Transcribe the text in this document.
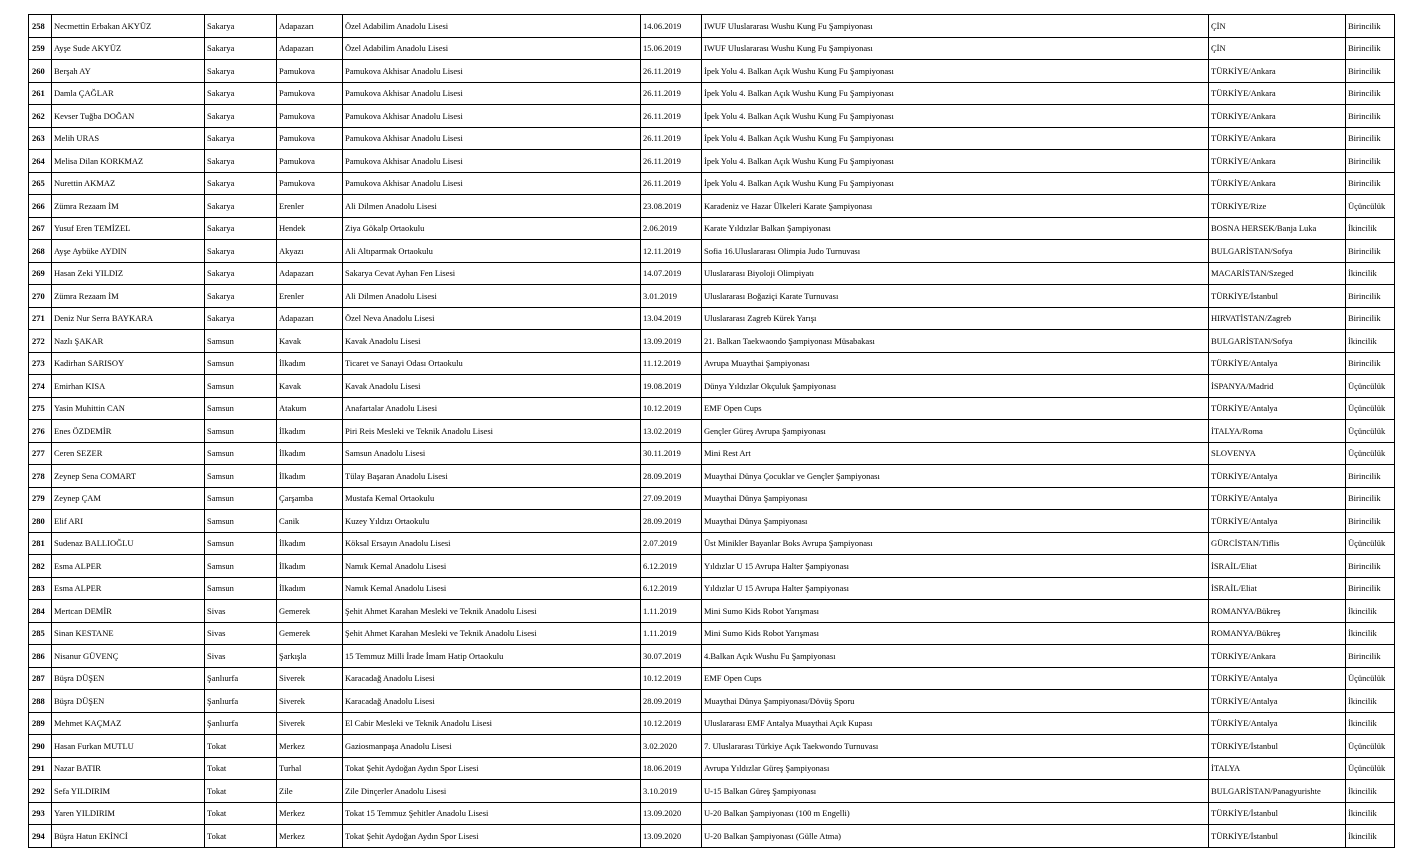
258	Necmettin Erbakan AKYÜZ	Sakarya	Adapazarı	Özel Adabilim Anadolu Lisesi	14.06.2019	IWUF Uluslararası Wushu Kung Fu Şampiyonası	ÇİN	Birincilik
259	Ayşe Sude AKYÜZ	Sakarya	Adapazarı	Özel Adabilim Anadolu Lisesi	15.06.2019	IWUF Uluslararası Wushu Kung Fu Şampiyonası	ÇİN	Birincilik
260	Berşah AY	Sakarya	Pamukova	Pamukova Akhisar Anadolu Lisesi	26.11.2019	İpek Yolu 4. Balkan Açık Wushu Kung Fu Şampiyonası	TÜRKİYE/Ankara	Birincilik
261	Damla ÇAĞLAR	Sakarya	Pamukova	Pamukova Akhisar Anadolu Lisesi	26.11.2019	İpek Yolu 4. Balkan Açık Wushu Kung Fu Şampiyonası	TÜRKİYE/Ankara	Birincilik
262	Kevser Tuğba DOĞAN	Sakarya	Pamukova	Pamukova Akhisar Anadolu Lisesi	26.11.2019	İpek Yolu 4. Balkan Açık Wushu Kung Fu Şampiyonası	TÜRKİYE/Ankara	Birincilik
263	Melih URAS	Sakarya	Pamukova	Pamukova Akhisar Anadolu Lisesi	26.11.2019	İpek Yolu 4. Balkan Açık Wushu Kung Fu Şampiyonası	TÜRKİYE/Ankara	Birincilik
264	Melisa Dilan KORKMAZ	Sakarya	Pamukova	Pamukova Akhisar Anadolu Lisesi	26.11.2019	İpek Yolu 4. Balkan Açık Wushu Kung Fu Şampiyonası	TÜRKİYE/Ankara	Birincilik
265	Nurettin AKMAZ	Sakarya	Pamukova	Pamukova Akhisar Anadolu Lisesi	26.11.2019	İpek Yolu 4. Balkan Açık Wushu Kung Fu Şampiyonası	TÜRKİYE/Ankara	Birincilik
266	Zümra Rezaam İM	Sakarya	Erenler	Ali Dilmen Anadolu Lisesi	23.08.2019	Karadeniz ve Hazar Ülkeleri Karate Şampiyonası	TÜRKİYE/Rize	Üçüncülük
267	Yusuf Eren TEMİZEL	Sakarya	Hendek	Ziya Gökalp Ortaokulu	2.06.2019	Karate Yıldızlar Balkan Şampiyonası	BOSNA HERSEK/Banja Luka	İkincilik
268	Ayşe Aybüke AYDIN	Sakarya	Akyazı	Ali Altıparmak Ortaokulu	12.11.2019	Sofia 16.Uluslararası Olimpia Judo Turnuvası	BULGARİSTAN/Sofya	Birincilik
269	Hasan Zeki YILDIZ	Sakarya	Adapazarı	Sakarya Cevat Ayhan Fen Lisesi	14.07.2019	Uluslararası Biyoloji Olimpiyatı	MACARİSTAN/Szeged	İkincilik
270	Zümra Rezaam İM	Sakarya	Erenler	Ali Dilmen Anadolu Lisesi	3.01.2019	Uluslararası Boğaziçi Karate Turnuvası	TÜRKİYE/İstanbul	Birincilik
271	Deniz Nur Serra BAYKARA	Sakarya	Adapazarı	Özel Neva Anadolu Lisesi	13.04.2019	Uluslararası Zagreb Kürek Yarışı	HIRVATİSTAN/Zagreb	Birincilik
272	Nazlı ŞAKAR	Samsun	Kavak	Kavak Anadolu Lisesi	13.09.2019	21. Balkan Taekwaondo Şampiyonası Müsabakası	BULGARİSTAN/Sofya	İkincilik
273	Kadirhan SARISOY	Samsun	İlkadım	Ticaret ve Sanayi Odası Ortaokulu	11.12.2019	Avrupa Muaythai Şampiyonası	TÜRKİYE/Antalya	Birincilik
274	Emirhan KISA	Samsun	Kavak	Kavak Anadolu Lisesi	19.08.2019	Dünya Yıldızlar Okçuluk Şampiyonası	İSPANYA/Madrid	Üçüncülük
275	Yasin Muhittin CAN	Samsun	Atakum	Anafartalar Anadolu Lisesi	10.12.2019	EMF Open Cups	TÜRKİYE/Antalya	Üçüncülük
276	Enes ÖZDEMİR	Samsun	İlkadım	Piri Reis Mesleki ve Teknik Anadolu Lisesi	13.02.2019	Gençler Güreş Avrupa Şampiyonası	İTALYA/Roma	Üçüncülük
277	Ceren SEZER	Samsun	İlkadım	Samsun Anadolu Lisesi	30.11.2019	Mini Rest Art	SLOVENYA	Üçüncülük
278	Zeynep Sena COMART	Samsun	İlkadım	Tülay Başaran Anadolu Lisesi	28.09.2019	Muaythai Dünya Çocuklar ve Gençler Şampiyonası	TÜRKİYE/Antalya	Birincilik
279	Zeynep ÇAM	Samsun	Çarşamba	Mustafa Kemal Ortaokulu	27.09.2019	Muaythai Dünya Şampiyonası	TÜRKİYE/Antalya	Birincilik
280	Elif ARI	Samsun	Canik	Kuzey Yıldızı Ortaokulu	28.09.2019	Muaythai Dünya Şampiyonası	TÜRKİYE/Antalya	Birincilik
281	Sudenaz BALLIOĞLU	Samsun	İlkadım	Köksal Ersayın Anadolu Lisesi	2.07.2019	Üst Minikler Bayanlar Boks Avrupa Şampiyonası	GÜRCİSTAN/Tiflis	Üçüncülük
282	Esma ALPER	Samsun	İlkadım	Namık Kemal Anadolu Lisesi	6.12.2019	Yıldızlar U 15 Avrupa Halter Şampiyonası	İSRAİL/Eliat	Birincilik
283	Esma ALPER	Samsun	İlkadım	Namık Kemal Anadolu Lisesi	6.12.2019	Yıldızlar U 15 Avrupa Halter Şampiyonası	İSRAİL/Eliat	Birincilik
284	Mertcan DEMİR	Sivas	Gemerek	Şehit Ahmet Karahan Mesleki ve Teknik Anadolu Lisesi	1.11.2019	Mini Sumo Kids Robot Yarışması	ROMANYA/Bükreş	İkincilik
285	Sinan KESTANE	Sivas	Gemerek	Şehit Ahmet Karahan Mesleki ve Teknik Anadolu Lisesi	1.11.2019	Mini Sumo Kids Robot Yarışması	ROMANYA/Bükreş	İkincilik
286	Nisanur GÜVENÇ	Sivas	Şarkışla	15 Temmuz Milli İrade İmam Hatip Ortaokulu	30.07.2019	4.Balkan Açık Wushu Fu Şampiyonası	TÜRKİYE/Ankara	Birincilik
287	Büşra DÜŞEN	Şanlıurfa	Siverek	Karacadağ Anadolu Lisesi	10.12.2019	EMF Open Cups	TÜRKİYE/Antalya	Üçüncülük
288	Büşra DÜŞEN	Şanlıurfa	Siverek	Karacadağ Anadolu Lisesi	28.09.2019	Muaythai Dünya Şampiyonası/Dövüş Sporu	TÜRKİYE/Antalya	İkincilik
289	Mehmet KAÇMAZ	Şanlıurfa	Siverek	El Cabir Mesleki ve Teknik Anadolu Lisesi	10.12.2019	Uluslararası EMF Antalya Muaythai Açık Kupası	TÜRKİYE/Antalya	İkincilik
290	Hasan Furkan MUTLU	Tokat	Merkez	Gaziosmanpaşa Anadolu Lisesi	3.02.2020	7. Uluslararası Türkiye Açık Taekwondo Turnuvası	TÜRKİYE/İstanbul	Üçüncülük
291	Nazar BATIR	Tokat	Turhal	Tokat Şehit Aydoğan Aydın Spor Lisesi	18.06.2019	Avrupa Yıldızlar Güreş Şampiyonası	İTALYA	Üçüncülük
292	Sefa YILDIRIM	Tokat	Zile	Zile Dinçerler Anadolu Lisesi	3.10.2019	U-15 Balkan Güreş Şampiyonası	BULGARİSTAN/Panagyurishte	İkincilik
293	Yaren YILDIRIM	Tokat	Merkez	Tokat 15 Temmuz Şehitler Anadolu Lisesi	13.09.2020	U-20 Balkan Şampiyonası (100 m Engelli)	TÜRKİYE/İstanbul	İkincilik
294	Büşra Hatun EKİNCİ	Tokat	Merkez	Tokat Şehit Aydoğan Aydın Spor Lisesi	13.09.2020	U-20 Balkan Şampiyonası (Gülle Atma)	TÜRKİYE/İstanbul	İkincilik
